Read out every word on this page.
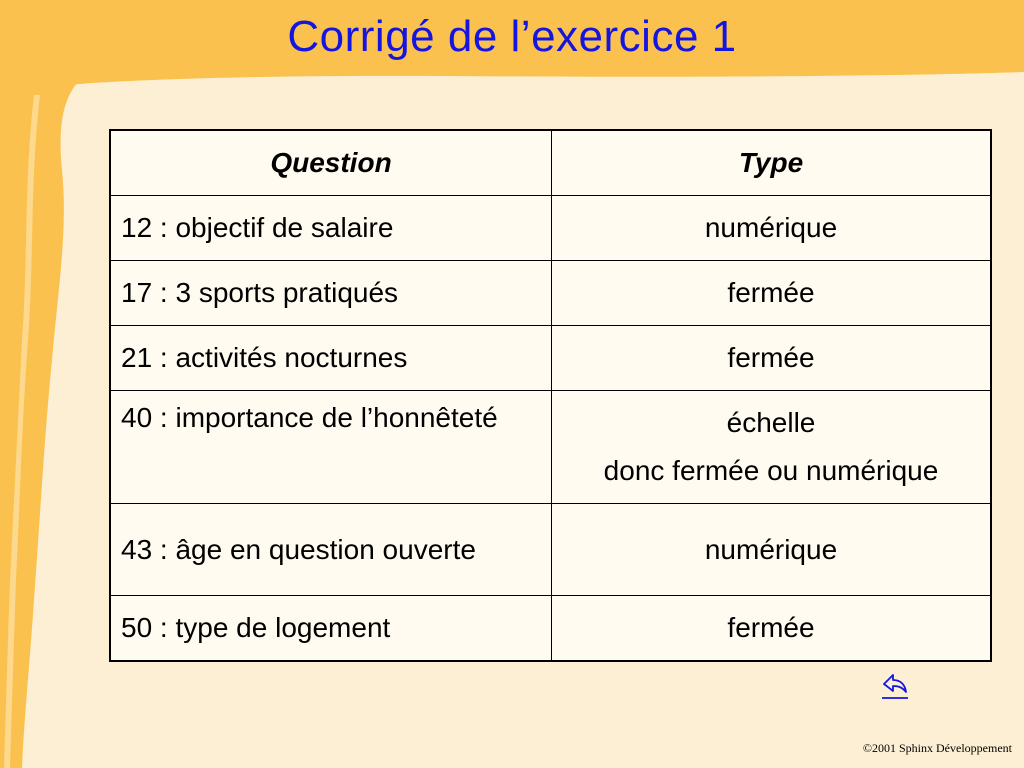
Corrigé de l’exercice 1
Question	Type
12 : objectif de salaire	numérique

17 : 3 sports pratiqués	fermée

21 : activités nocturnes	fermée

40 : importance de l’honnêteté	échelle
donc fermée ou numérique

43 : âge en question ouverte	numérique

50 : type de logement	fermée
©2001 Sphinx Développement
